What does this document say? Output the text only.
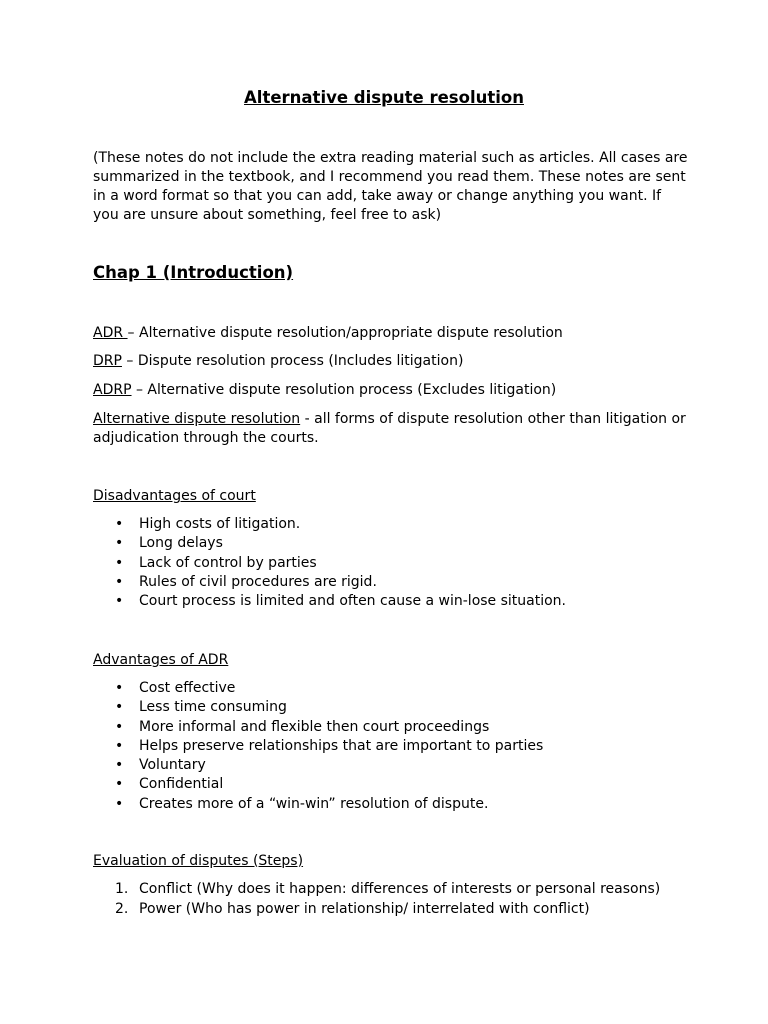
Alternative dispute resolution

(These notes do not include the extra reading material such as articles. All cases are

summarized in the textbook, and I recommend you read them. These notes are sent

in a word format so that you can add, take away or change anything you want. If

you are unsure about something, feel free to ask)

Chap 1 (Introduction)

ADR – Alternative dispute resolution/appropriate dispute resolution

DRP – Dispute resolution process (Includes litigation)

ADRP – Alternative dispute resolution process (Excludes litigation)

Alternative dispute resolution - all forms of dispute resolution other than litigation or

adjudication through the courts.

Disadvantages of court

• High costs of litigation.

• Long delays

• Lack of control by parties

• Rules of civil procedures are rigid.

• Court process is limited and often cause a win-lose situation.

Advantages of ADR

• Cost effective

• Less time consuming

• More informal and flexible then court proceedings

• Helps preserve relationships that are important to parties

• Voluntary

• Confidential

• Creates more of a “win-win” resolution of dispute.

Evaluation of disputes (Steps)

1. Conflict (Why does it happen: differences of interests or personal reasons)

2. Power (Who has power in relationship/ interrelated with conflict)
